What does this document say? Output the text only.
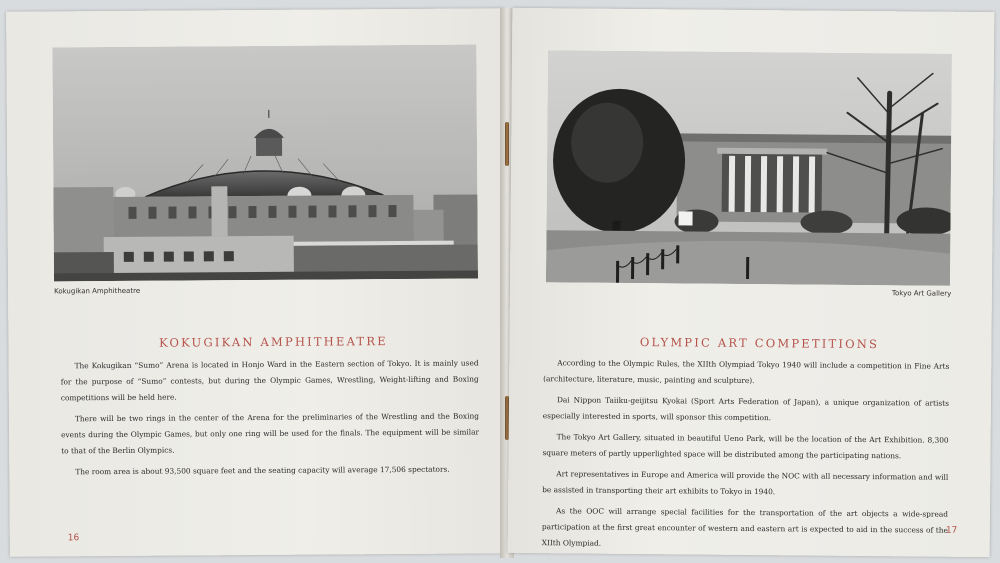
Kokugikan Amphitheatre
KOKUGIKAN AMPHITHEATRE

The Kokugikan “Sumo” Arena is located in Honjo Ward in the Eastern section of Tokyo. It is mainly used for the purpose of “Sumo” contests, but during the Olympic Games, Wrestling, Weight-lifting and Boxing competitions will be held here.

There will be two rings in the center of the Arena for the preliminaries of the Wrestling and the Boxing events during the Olympic Games, but only one ring will be used for the finals. The equipment will be similar to that of the Berlin Olympics.

The room area is about 93,500 square feet and the seating capacity will average 17,506 spectators.

16
Tokyo Art Gallery
OLYMPIC ART COMPETITIONS

According to the Olympic Rules, the XIIth Olympiad Tokyo 1940 will include a competition in Fine Arts (architecture, literature, music, painting and sculpture).

Dai Nippon Taiiku-geijitsu Kyokai (Sport Arts Federation of Japan), a unique organization of artists especially interested in sports, will sponsor this competition.

The Tokyo Art Gallery, situated in beautiful Ueno Park, will be the location of the Art Exhibition. 8,300 square meters of partly upperlighted space will be distributed among the participating nations.

Art representatives in Europe and America will provide the NOC with all necessary information and will be assisted in transporting their art exhibits to Tokyo in 1940.

As the OOC will arrange special facilities for the transportation of the art objects a wide-spread participation at the first great encounter of western and eastern art is expected to aid in the success of the XIIth Olympiad.

17
